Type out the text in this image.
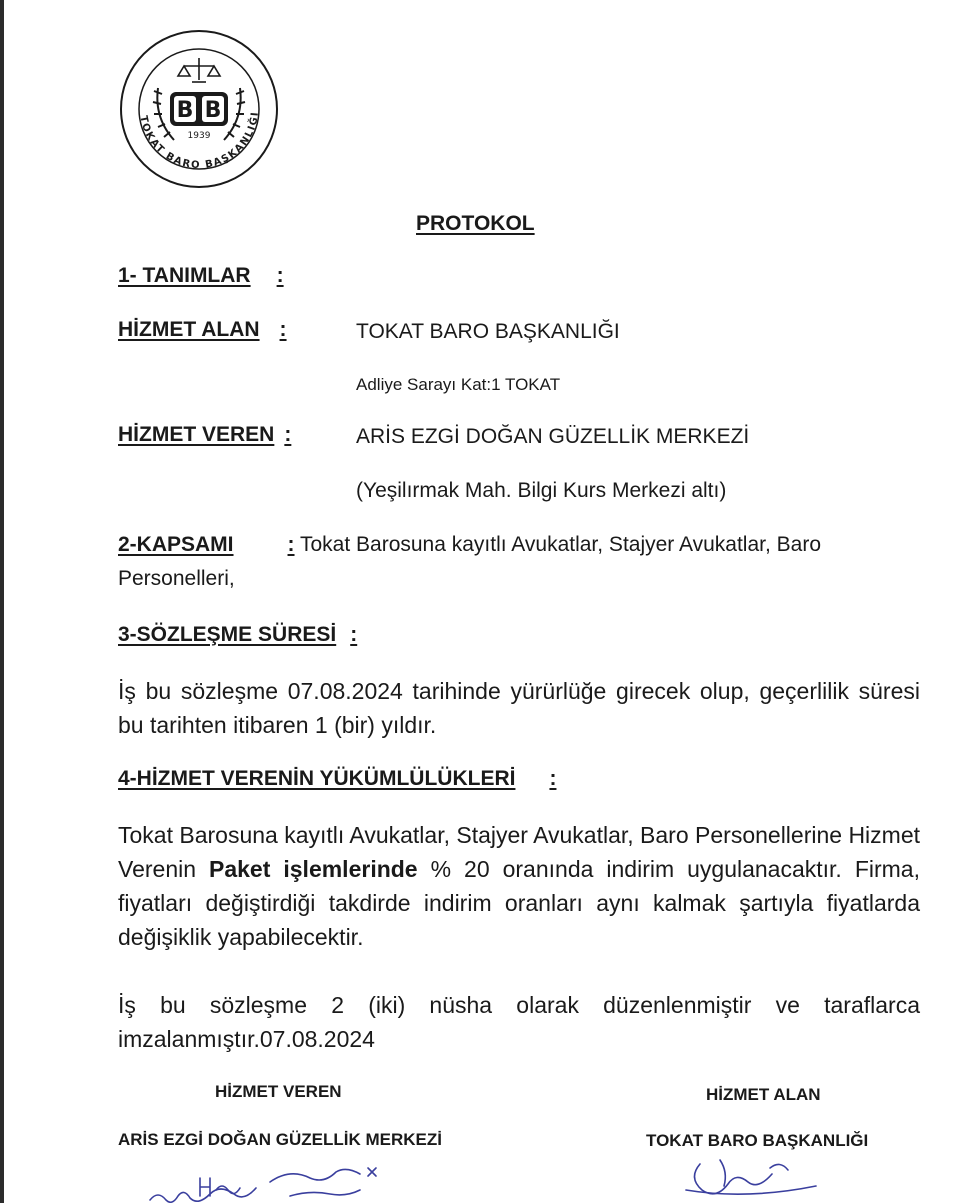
B B
1939
TOKAT BARO BAŞKANLIĞI
PROTOKOL
1- TANIMLAR :
HİZMET ALAN :	TOKAT BARO BAŞKANLIĞI
Adliye Sarayı Kat:1 TOKAT
HİZMET VEREN :	ARİS EZGİ DOĞAN GÜZELLİK MERKEZİ
(Yeşilırmak Mah. Bilgi Kurs Merkezi altı)
2-KAPSAMI	: Tokat Barosuna kayıtlı Avukatlar, Stajyer Avukatlar, Baro
Personelleri,
3-SÖZLEŞME SÜRESİ :
İş bu sözleşme 07.08.2024 tarihinde yürürlüğe girecek olup, geçerlilik süresi bu tarihten itibaren 1 (bir) yıldır.
4-HİZMET VERENİN YÜKÜMLÜLÜKLERİ :
Tokat Barosuna kayıtlı Avukatlar, Stajyer Avukatlar, Baro Personellerine Hizmet Verenin Paket işlemlerinde % 20 oranında indirim uygulanacaktır. Firma, fiyatları değiştirdiği takdirde indirim oranları aynı kalmak şartıyla fiyatlarda değişiklik yapabilecektir.
İş bu sözleşme 2 (iki) nüsha olarak düzenlenmiştir ve taraflarca imzalanmıştır.07.08.2024
HİZMET VEREN	HİZMET ALAN
ARİS EZGİ DOĞAN GÜZELLİK MERKEZİ	TOKAT BARO BAŞKANLIĞI
